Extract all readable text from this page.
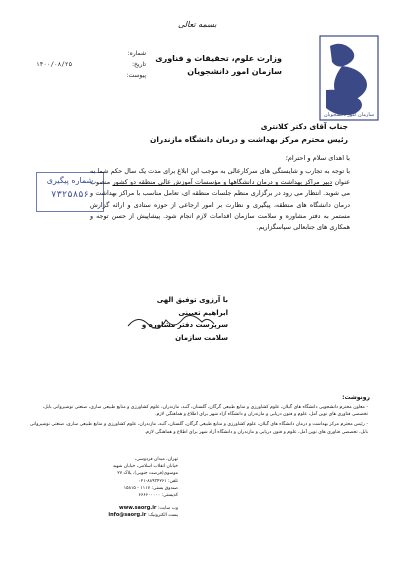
بسمه تعالی
سازمان امور دانشجویان
وزارت علوم، تحقیقات و فناوری
سازمان امور دانشجویان
شماره:
تاریخ:
۱۴۰۰/۰۸/۲۵
پیوست:
جناب آقای دکتر کلانتری
رئیس محترم مرکز بهداشت و درمان دانشگاه مازندران
شماره پیگیری
۷۳۲۵۸۵۶
با اهدای سلام و احترام؛
با توجه به تجارب و شایستگی های سرکارعالی به موجب این ابلاغ برای مدت یک سال حکم شما به عنوان دبیر مراکز بهداشت و درمان دانشگاهها و مؤسسات آموزش عالی منطقه دو کشور منصوب می شوید. انتظار می رود در برگزاری منظم جلسات منطقه ای، تعامل مناسب با مراکز بهداشت و درمان دانشگاه های منطقه، پیگیری و نظارت بر امور ارجاعی از حوزه ستادی و ارائه گزارش مستمر به دفتر مشاوره و سلامت سازمان اقدامات لازم انجام شود. پیشاپیش از حسن توجه و همکاری های جنابعالی سپاسگزاریم.
با آرزوی توفیق الهی
ابراهیم تعیینی
سرپرست دفتر مشاوره و سلامت سازمان
رونوشت:
- معاون محترم دانشجویی دانشگاه های گیلان، علوم کشاورزی و منابع طبیعی گرگان، گلستان، گنبد، مازندران، علوم کشاورزی و منابع طبیعی ساری، صنعتی نوشیروانی بابل، تخصصی فناوری های نوین آمل، علوم و فنون دریایی و مازندران و دانشگاه آزاد شهر برای اطلاع و هماهنگی لازم.
- رئیس محترم مرکز بهداشت و درمان دانشگاه های گیلان، علوم کشاورزی و منابع طبیعی گرگان، گلستان، گنبد، مازندران، علوم کشاورزی و منابع طبیعی ساری، صنعتی نوشیروانی بابل، تخصصی فناوری های نوین آمل، علوم و فنون دریایی و مازندران و دانشگاه آزاد شهر برای اطلاع و هماهنگی لازم.
تهران، میدان فردوسی،
خیابان انقلاب اسلامی، خیابان شهید
موسوی(فرصت جنوبی)، پلاک ۲۷
تلفن: ۸۸۹۳۴۲۶۱-۰۲۱
صندوق پستی: ۱۱۱۷ - ۱۵۸۱۵
کدپستی: ۶۶۶۶۰۰۰۰۰
وب سایت: www.saorg.ir
پست الکترونیک: info@saorg.ir
